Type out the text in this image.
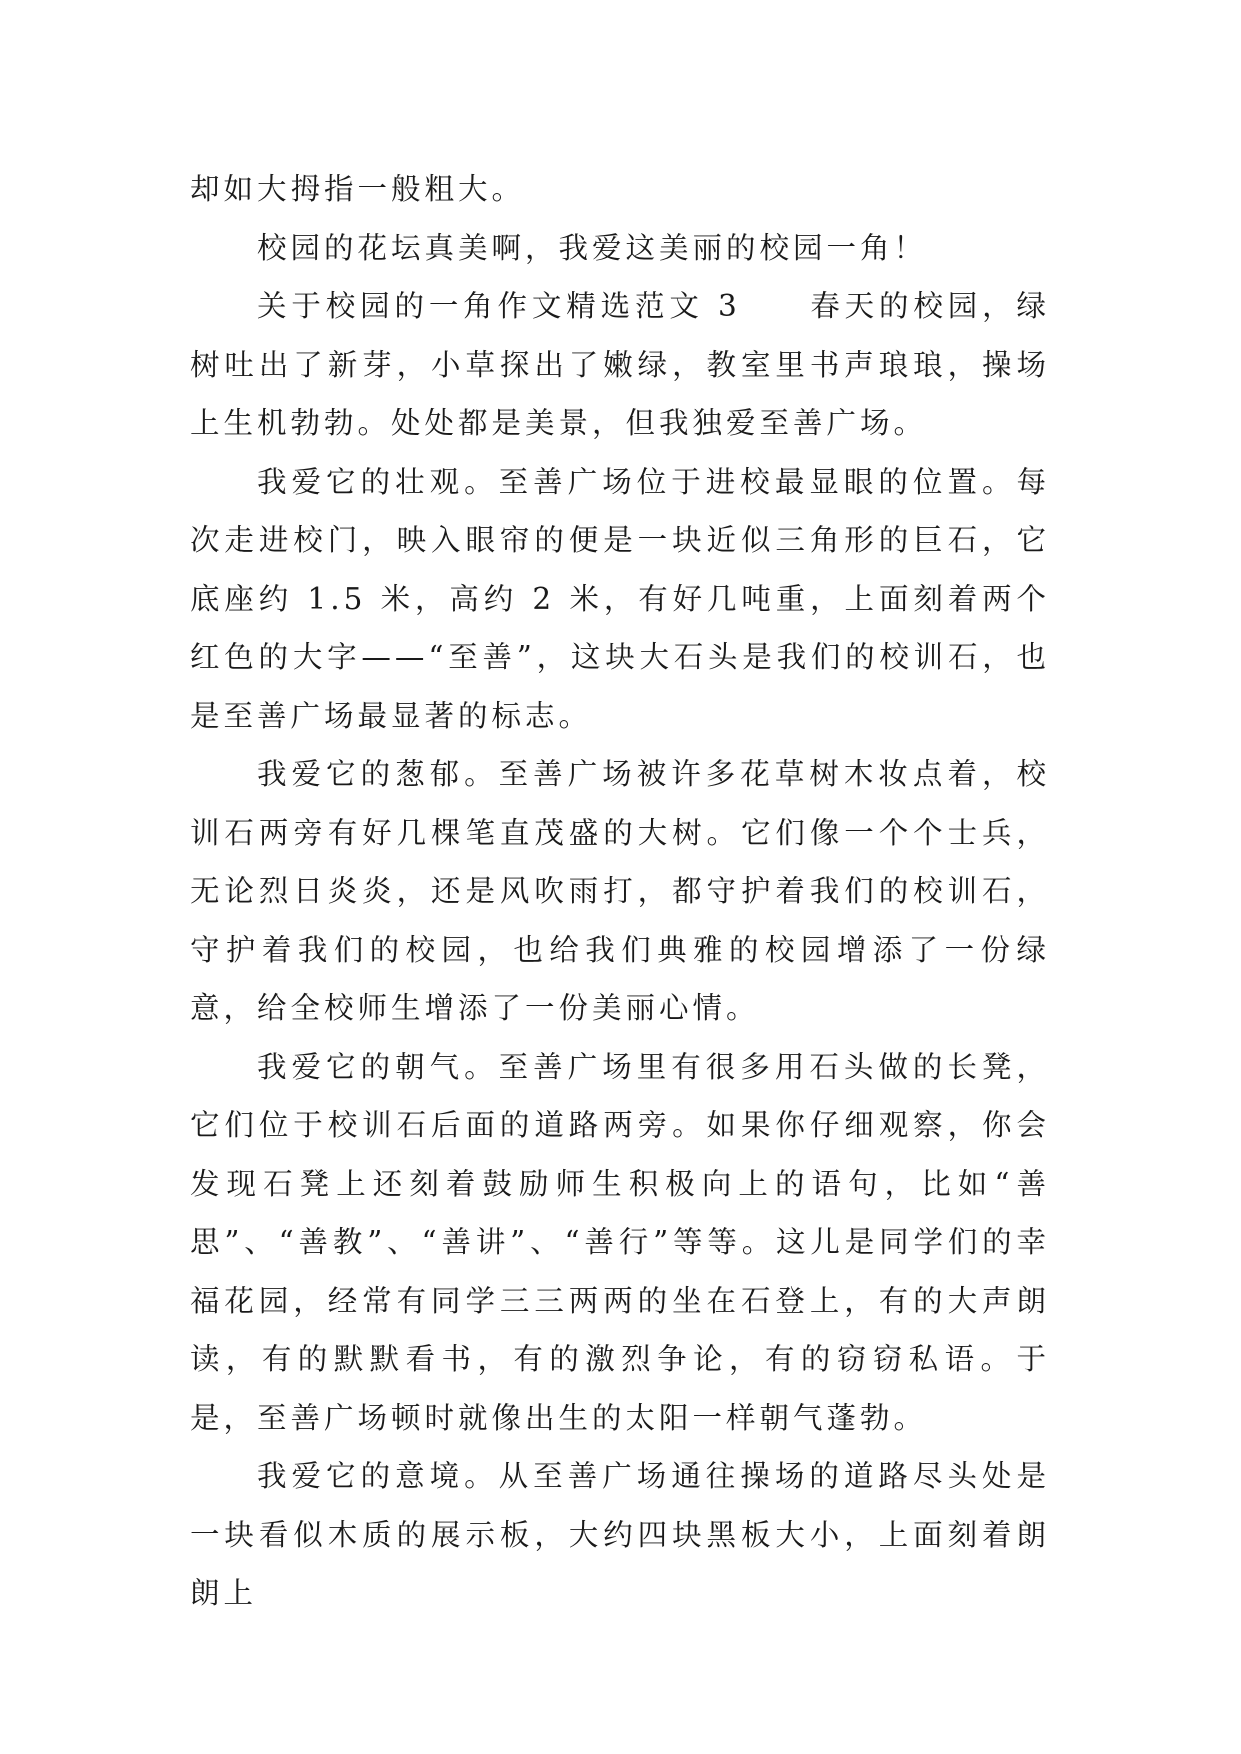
却如大拇指一般粗大。

校园的花坛真美啊，我爱这美丽的校园一角！

关于校园的一角作文精选范文 3　　春天的校园，绿树吐出了新芽，小草探出了嫩绿，教室里书声琅琅，操场上生机勃勃。处处都是美景，但我独爱至善广场。

我爱它的壮观。至善广场位于进校最显眼的位置。每次走进校门，映入眼帘的便是一块近似三角形的巨石，它底座约 1.5 米，高约 2 米，有好几吨重，上面刻着两个红色的大字——“至善”，这块大石头是我们的校训石，也是至善广场最显著的标志。

我爱它的葱郁。至善广场被许多花草树木妆点着，校训石两旁有好几棵笔直茂盛的大树。它们像一个个士兵，无论烈日炎炎，还是风吹雨打，都守护着我们的校训石，守护着我们的校园，也给我们典雅的校园增添了一份绿意，给全校师生增添了一份美丽心情。

我爱它的朝气。至善广场里有很多用石头做的长凳，它们位于校训石后面的道路两旁。如果你仔细观察，你会发现石凳上还刻着鼓励师生积极向上的语句，比如“善思”、“善教”、“善讲”、“善行”等等。这儿是同学们的幸福花园，经常有同学三三两两的坐在石登上，有的大声朗读，有的默默看书，有的激烈争论，有的窃窃私语。于是，至善广场顿时就像出生的太阳一样朝气蓬勃。

我爱它的意境。从至善广场通往操场的道路尽头处是一块看似木质的展示板，大约四块黑板大小，上面刻着朗朗上
